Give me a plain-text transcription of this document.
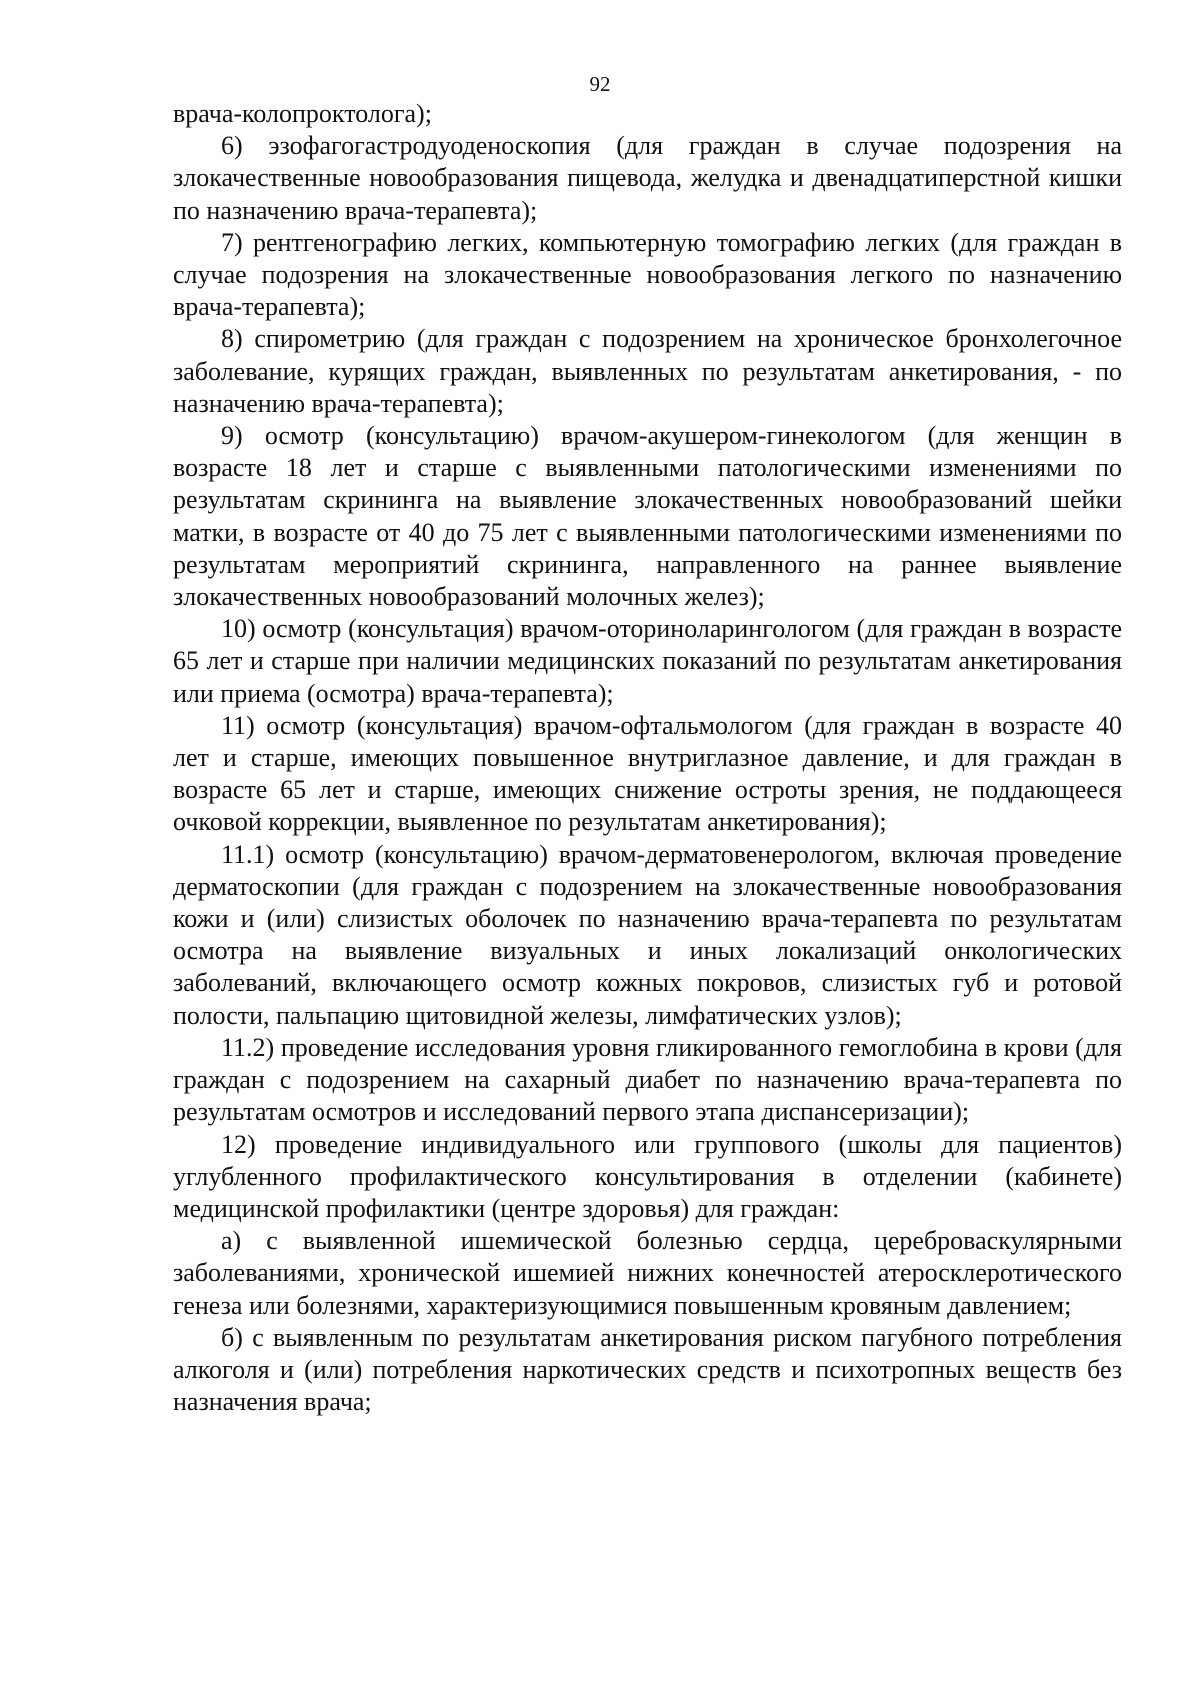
92

врача-колопроктолога);

6) эзофагогастродуоденоскопия (для граждан в случае подозрения на злокачественные новообразования пищевода, желудка и двенадцатиперстной кишки по назначению врача-терапевта);

7) рентгенографию легких, компьютерную томографию легких (для граждан в случае подозрения на злокачественные новообразования легкого по назначению врача-терапевта);

8) спирометрию (для граждан с подозрением на хроническое бронхолегочное заболевание, курящих граждан, выявленных по результатам анкетирования, - по назначению врача-терапевта);

9) осмотр (консультацию) врачом-акушером-гинекологом (для женщин в возрасте 18 лет и старше с выявленными патологическими изменениями по результатам скрининга на выявление злокачественных новообразований шейки матки, в возрасте от 40 до 75 лет с выявленными патологическими изменениями по результатам мероприятий скрининга, направленного на раннее выявление злокачественных новообразований молочных желез);

10) осмотр (консультация) врачом-оториноларингологом (для граждан в возрасте 65 лет и старше при наличии медицинских показаний по результатам анкетирования или приема (осмотра) врача-терапевта);

11) осмотр (консультация) врачом-офтальмологом (для граждан в возрасте 40 лет и старше, имеющих повышенное внутриглазное давление, и для граждан в возрасте 65 лет и старше, имеющих снижение остроты зрения, не поддающееся очковой коррекции, выявленное по результатам анкетирования);

11.1) осмотр (консультацию) врачом-дерматовенерологом, включая проведение дерматоскопии (для граждан с подозрением на злокачественные новообразования кожи и (или) слизистых оболочек по назначению врача-терапевта по результатам осмотра на выявление визуальных и иных локализаций онкологических заболеваний, включающего осмотр кожных покровов, слизистых губ и ротовой полости, пальпацию щитовидной железы, лимфатических узлов);

11.2) проведение исследования уровня гликированного гемоглобина в крови (для граждан с подозрением на сахарный диабет по назначению врача-терапевта по результатам осмотров и исследований первого этапа диспансеризации);

12) проведение индивидуального или группового (школы для пациентов) углубленного профилактического консультирования в отделении (кабинете) медицинской профилактики (центре здоровья) для граждан:

а) с выявленной ишемической болезнью сердца, цереброваскулярными заболеваниями, хронической ишемией нижних конечностей атеросклеротического генеза или болезнями, характеризующимися повышенным кровяным давлением;

б) с выявленным по результатам анкетирования риском пагубного потребления алкоголя и (или) потребления наркотических средств и психотропных веществ без назначения врача;
